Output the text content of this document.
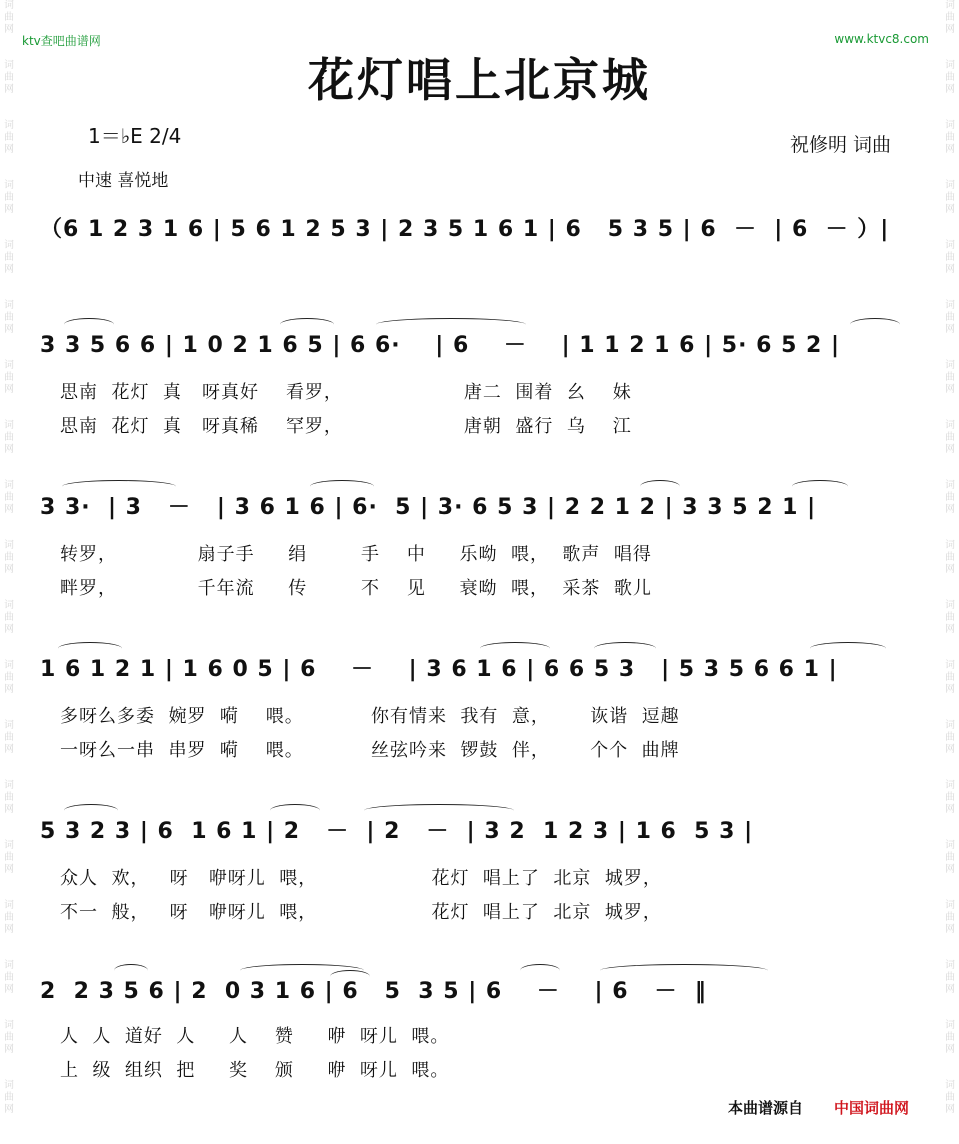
词
曲
网
词
曲
网
词
曲
网
词
曲
网
词
曲
网
词
曲
网
词
曲
网
词
曲
网
词
曲
网
词
曲
网
词
曲
网
词
曲
网
词
曲
网
词
曲
网
词
曲
网
词
曲
网
词
曲
网
词
曲
网
词
曲
网
词
曲
网
词
曲
网
词
曲
网
词
曲
网
词
曲
网
词
曲
网
词
曲
网
词
曲
网
词
曲
网
词
曲
网
词
曲
网
词
曲
网
词
曲
网
词
曲
网
词
曲
网
词
曲
网
词
曲
网
词
曲
网
词
曲
网
ktv查吧曲谱网	www.ktvc8.com
花灯唱上北京城
1＝♭E 2/4
中速 喜悦地
祝修明 词曲
（6 1 2 3 1 6 | 5 6 1 2 5 3 | 2 3 5 1 6 1 | 6   5 3 5 | 6  －  | 6  － ）|
3 3 5 6 6 | 1 0 2 1 6 5 | 6 6·    | 6    －    | 1 1 2 1 6 | 5· 6 5 2 |
思南  花灯  真   呀真好    看罗，                  唐二  围着  幺    妹
思南  花灯  真   呀真稀    罕罗，                  唐朝  盛行  乌    江
3 3·  | 3   －   | 3 6 1 6 | 6·  5 | 3· 6 5 3 | 2 2 1 2 | 3 3 5 2 1 |
转罗，            扇子手     绢        手    中     乐呦  喂，  歌声  唱得
畔罗，            千年流     传        不    见     衰呦  喂，  采茶  歌儿
1 6 1 2 1 | 1 6 0 5 | 6    －    | 3 6 1 6 | 6 6 5 3   | 5 3 5 6 6 1 |
多呀么多委  婉罗  嗬    喂。          你有情来  我有  意，      诙谐  逗趣
一呀么一串  串罗  嗬    喂。          丝弦吟来  锣鼓  伴，      个个  曲牌
5 3 2 3 | 6  1 6 1 | 2   －  | 2   －  | 3 2  1 2 3 | 1 6  5 3 |
众人  欢，   呀   咿呀儿  喂，                 花灯  唱上了  北京  城罗，
不一  般，   呀   咿呀儿  喂，                 花灯  唱上了  北京  城罗，
2  2 3 5 6 | 2  0 3 1 6 | 6   5  3 5 | 6    －    | 6   －  ‖
人  人  道好  人     人    赞     咿  呀儿  喂。
上  级  组织  把     奖    颁     咿  呀儿  喂。
本曲谱源自 中国词曲网
